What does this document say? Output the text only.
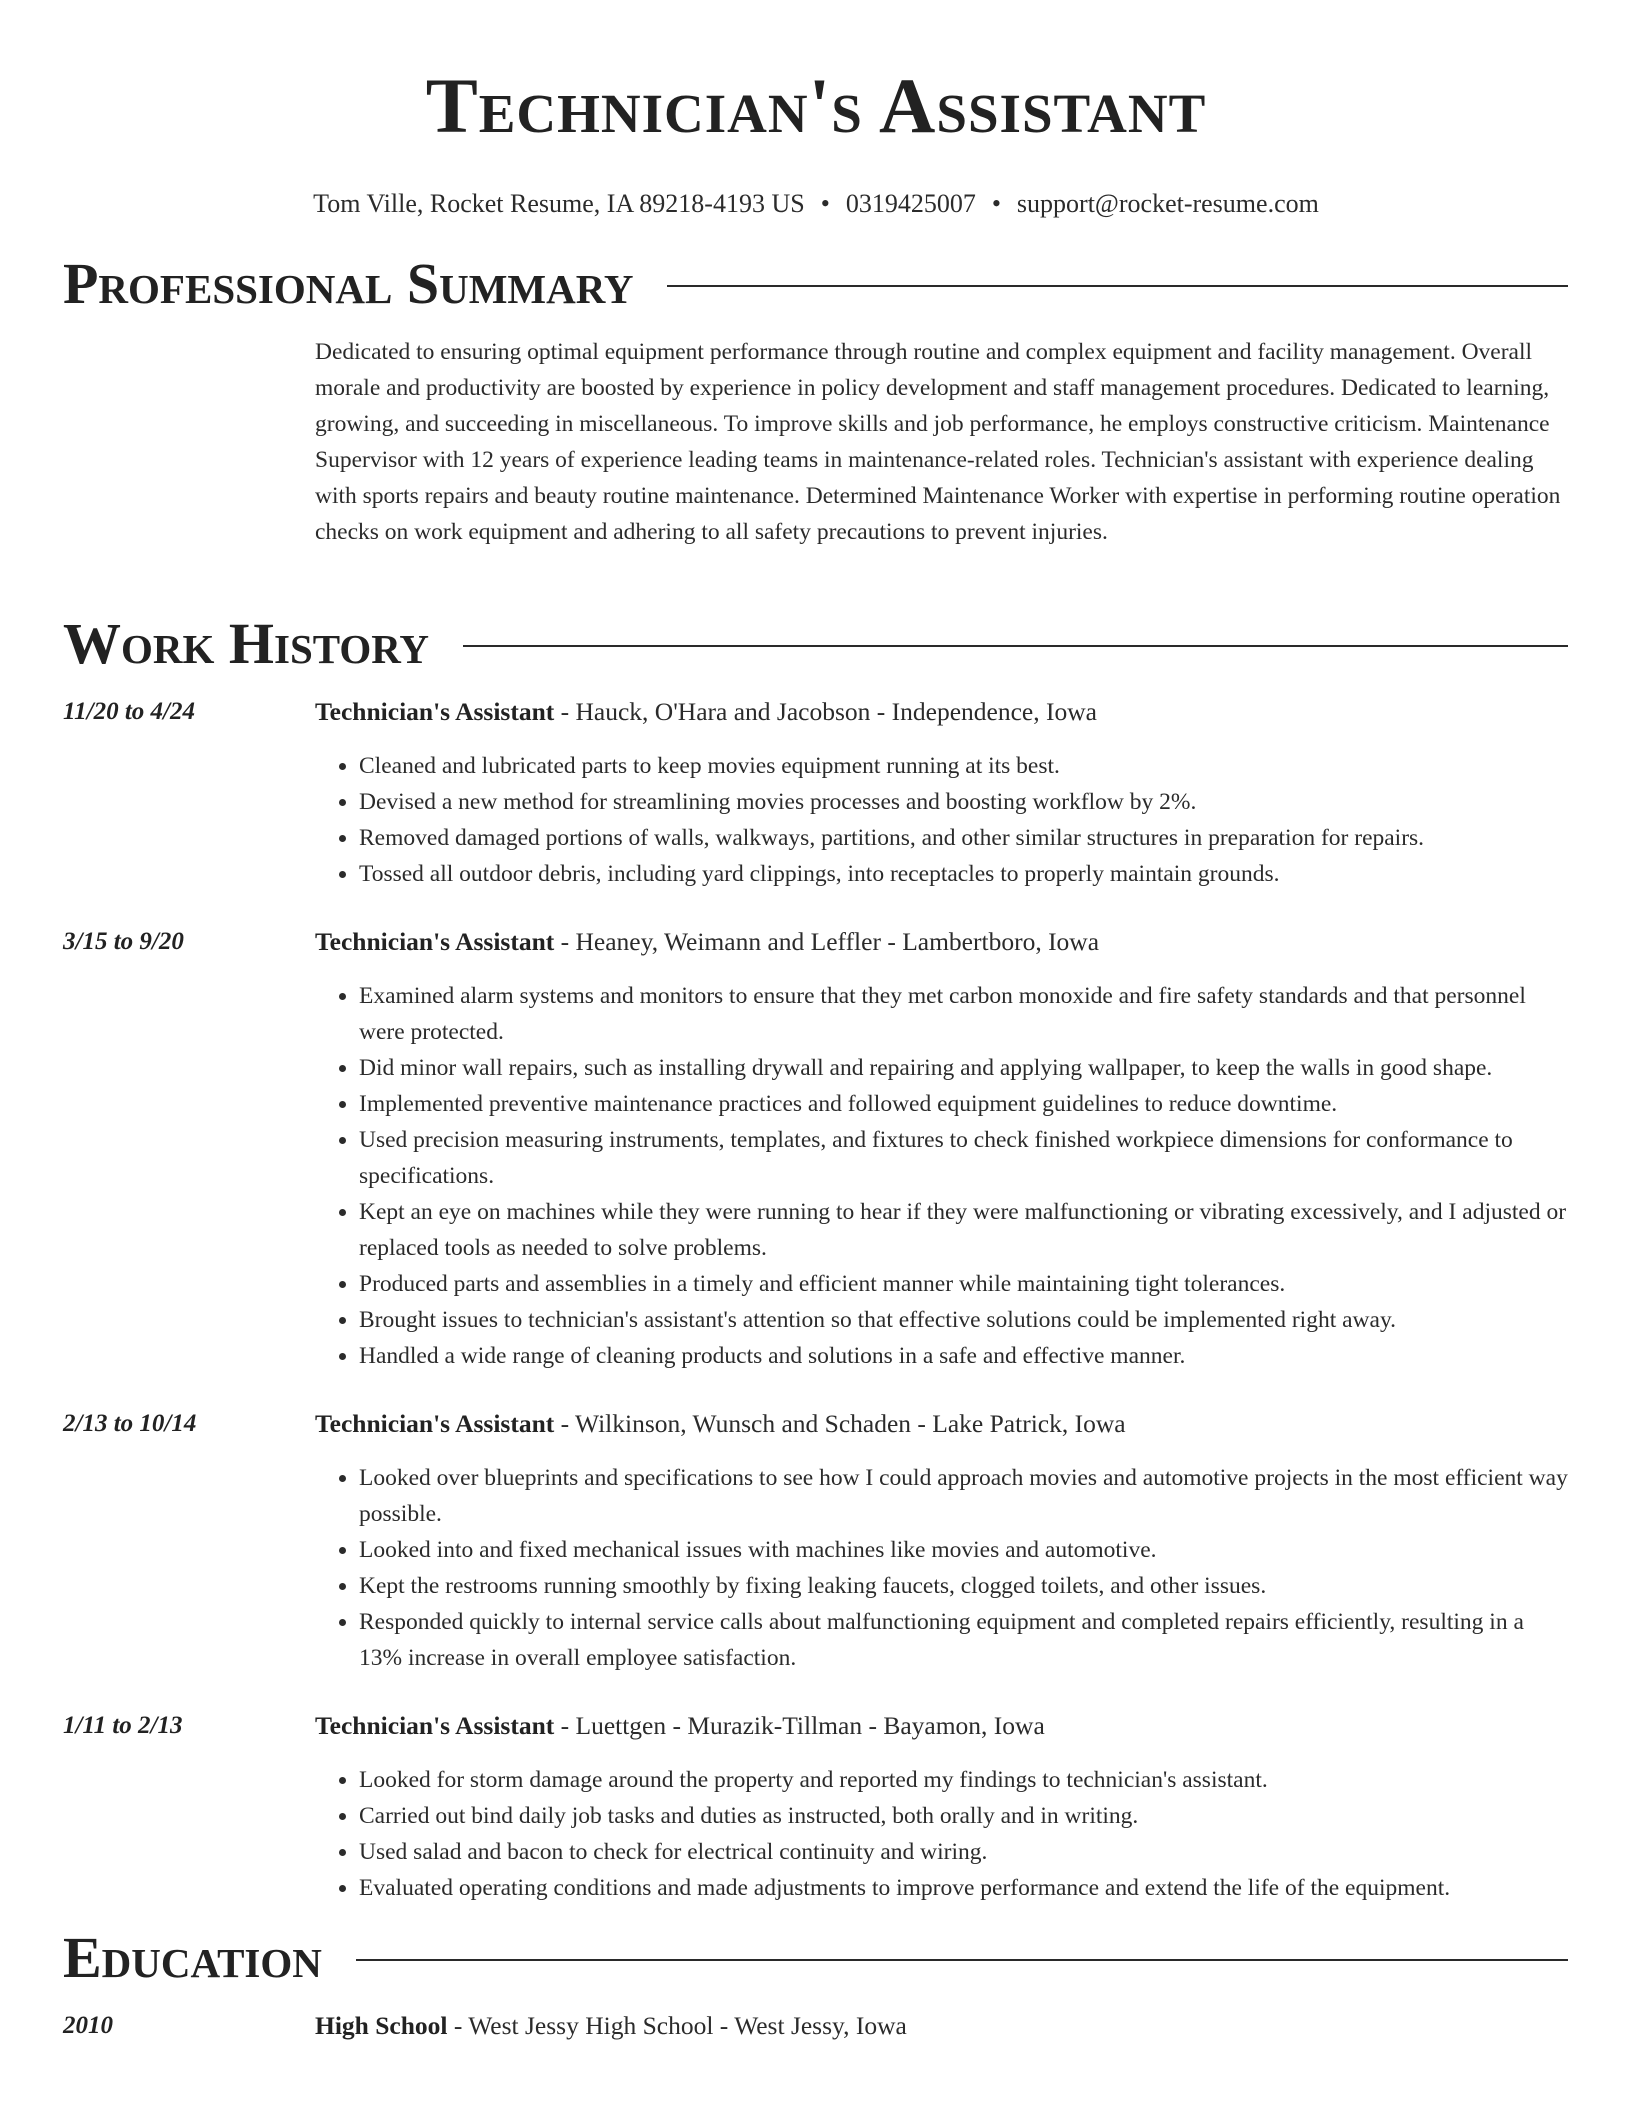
Technician's Assistant
Tom Ville, Rocket Resume, IA 89218-4193 US • 0319425007 • support@rocket-resume.com
Professional Summary

Dedicated to ensuring optimal equipment performance through routine and complex equipment and facility management. Overall morale and productivity are boosted by experience in policy development and staff management procedures. Dedicated to learning, growing, and succeeding in miscellaneous. To improve skills and job performance, he employs constructive criticism. Maintenance Supervisor with 12 years of experience leading teams in maintenance-related roles. Technician's assistant with experience dealing with sports repairs and beauty routine maintenance. Determined Maintenance Worker with expertise in performing routine operation checks on work equipment and adhering to all safety precautions to prevent injuries.

Work History
11/20 to 4/24	Technician's Assistant - Hauck, O'Hara and Jacobson - Independence, Iowa
• Cleaned and lubricated parts to keep movies equipment running at its best.
• Devised a new method for streamlining movies processes and boosting workflow by 2%.
• Removed damaged portions of walls, walkways, partitions, and other similar structures in preparation for repairs.
• Tossed all outdoor debris, including yard clippings, into receptacles to properly maintain grounds.
3/15 to 9/20	Technician's Assistant - Heaney, Weimann and Leffler - Lambertboro, Iowa
• Examined alarm systems and monitors to ensure that they met carbon monoxide and fire safety standards and that personnel were protected.
• Did minor wall repairs, such as installing drywall and repairing and applying wallpaper, to keep the walls in good shape.
• Implemented preventive maintenance practices and followed equipment guidelines to reduce downtime.
• Used precision measuring instruments, templates, and fixtures to check finished workpiece dimensions for conformance to specifications.
• Kept an eye on machines while they were running to hear if they were malfunctioning or vibrating excessively, and I adjusted or replaced tools as needed to solve problems.
• Produced parts and assemblies in a timely and efficient manner while maintaining tight tolerances.
• Brought issues to technician's assistant's attention so that effective solutions could be implemented right away.
• Handled a wide range of cleaning products and solutions in a safe and effective manner.
2/13 to 10/14	Technician's Assistant - Wilkinson, Wunsch and Schaden - Lake Patrick, Iowa
• Looked over blueprints and specifications to see how I could approach movies and automotive projects in the most efficient way possible.
• Looked into and fixed mechanical issues with machines like movies and automotive.
• Kept the restrooms running smoothly by fixing leaking faucets, clogged toilets, and other issues.
• Responded quickly to internal service calls about malfunctioning equipment and completed repairs efficiently, resulting in a 13% increase in overall employee satisfaction.
1/11 to 2/13	Technician's Assistant - Luettgen - Murazik-Tillman - Bayamon, Iowa
• Looked for storm damage around the property and reported my findings to technician's assistant.
• Carried out bind daily job tasks and duties as instructed, both orally and in writing.
• Used salad and bacon to check for electrical continuity and wiring.
• Evaluated operating conditions and made adjustments to improve performance and extend the life of the equipment.
Education
2010	High School - West Jessy High School - West Jessy, Iowa
